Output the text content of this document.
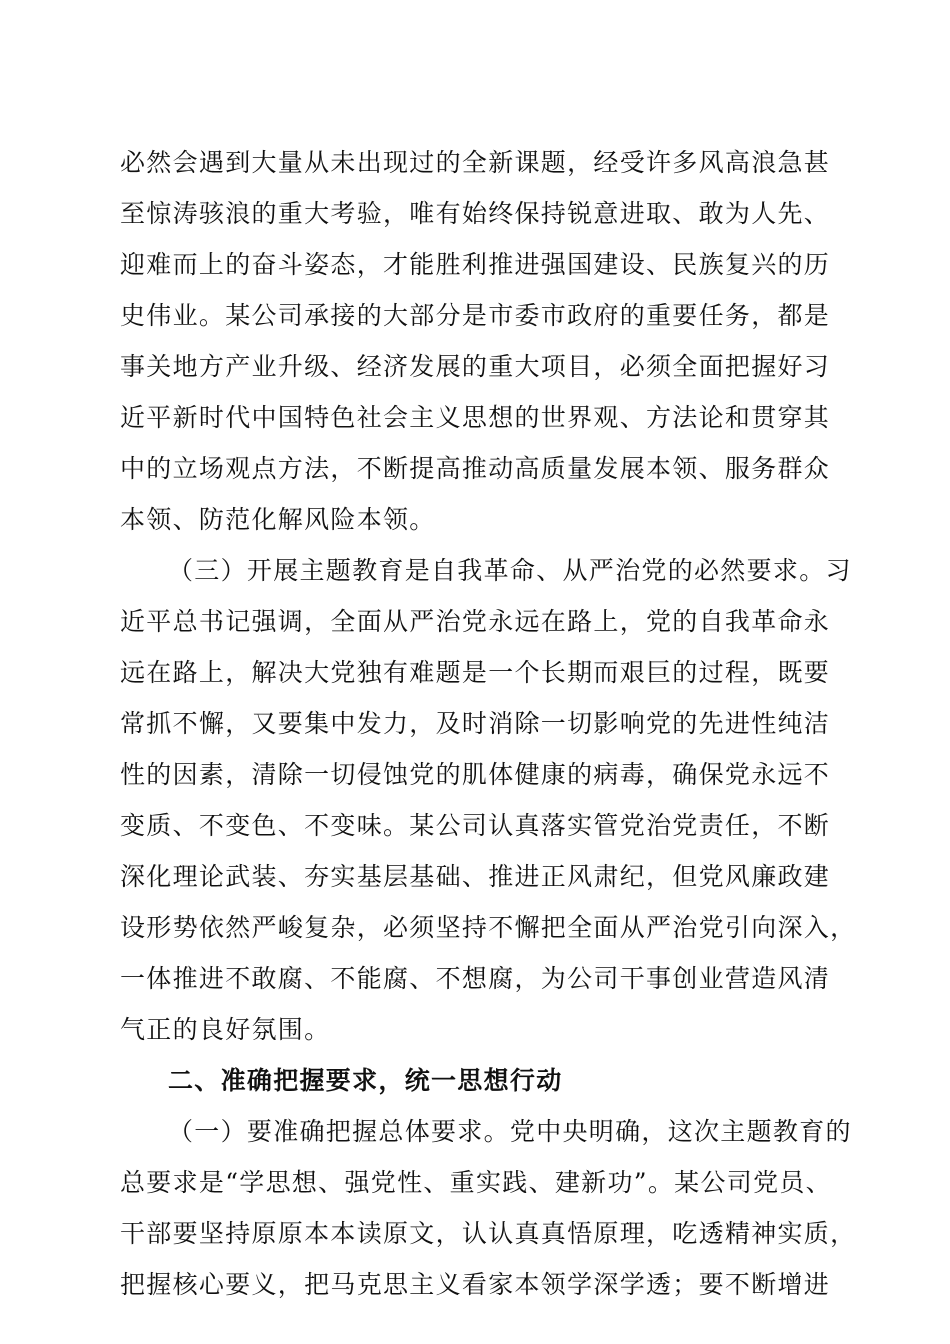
必然会遇到大量从未出现过的全新课题，经受许多风高浪急甚
至惊涛骇浪的重大考验，唯有始终保持锐意进取、敢为人先、
迎难而上的奋斗姿态，才能胜利推进强国建设、民族复兴的历
史伟业。某公司承接的大部分是市委市政府的重要任务，都是
事关地方产业升级、经济发展的重大项目，必须全面把握好习
近平新时代中国特色社会主义思想的世界观、方法论和贯穿其
中的立场观点方法，不断提高推动高质量发展本领、服务群众
本领、防范化解风险本领。
（三）开展主题教育是自我革命、从严治党的必然要求。习
近平总书记强调，全面从严治党永远在路上，党的自我革命永
远在路上，解决大党独有难题是一个长期而艰巨的过程，既要
常抓不懈，又要集中发力，及时消除一切影响党的先进性纯洁
性的因素，清除一切侵蚀党的肌体健康的病毒，确保党永远不
变质、不变色、不变味。某公司认真落实管党治党责任，不断
深化理论武装、夯实基层基础、推进正风肃纪，但党风廉政建
设形势依然严峻复杂，必须坚持不懈把全面从严治党引向深入，
一体推进不敢腐、不能腐、不想腐，为公司干事创业营造风清
气正的良好氛围。
二、准确把握要求，统一思想行动
（一）要准确把握总体要求。党中央明确，这次主题教育的
总要求是“学思想、强党性、重实践、建新功”。某公司党员、
干部要坚持原原本本读原文，认认真真悟原理，吃透精神实质，
把握核心要义，把马克思主义看家本领学深学透；要不断增进
